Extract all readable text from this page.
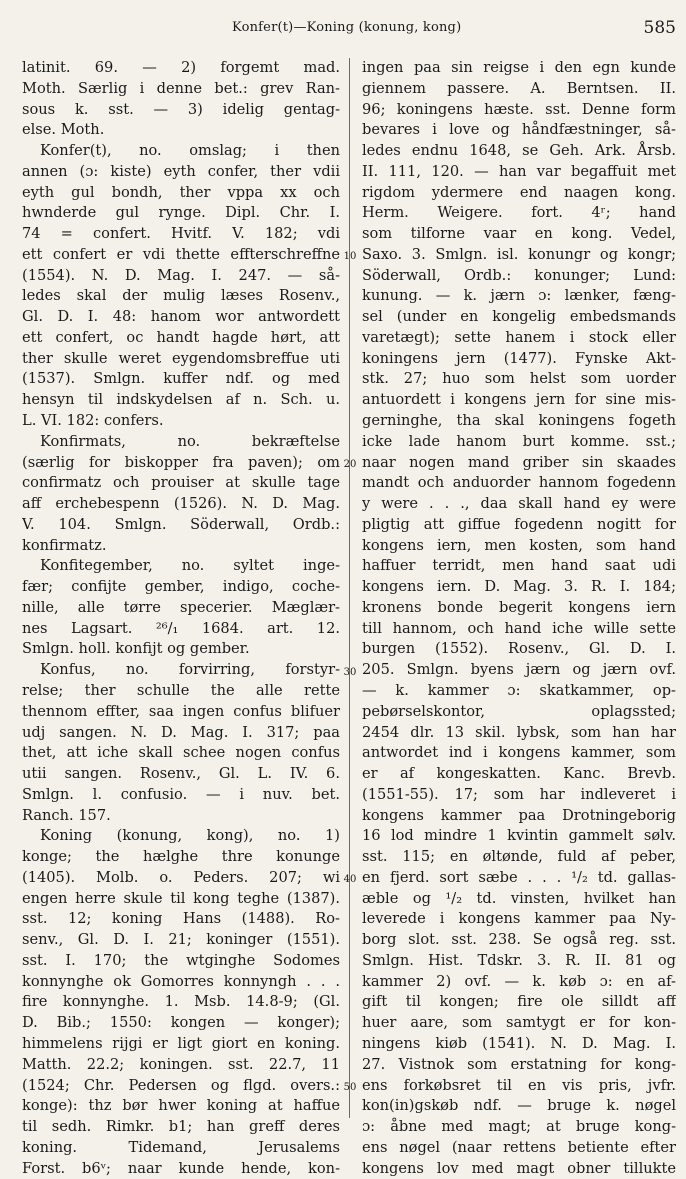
Konfer(t)—Koning (konung, kong)	585
latinit. 69. — 2) forgemt mad.
Moth. Særlig i denne bet.: grev Ran-
sous k. sst. — 3) idelig gentag-
else. Moth.
Konfer(t), no. omslag; i then
annen (ɔ: kiste) eyth confer, ther vdii
eyth gul bondh, ther vppa xx och
hwnderde gul rynge. Dipl. Chr. I.
74 = confert. Hvitf. V. 182; vdi
ett confert er vdi thette effterschreffne
(1554). N. D. Mag. I. 247. — så-
ledes skal der mulig læses Rosenv.,
Gl. D. I. 48: hanom wor antwordett
ett confert, oc handt hagde hørt, att
ther skulle weret eygendomsbreffue uti
(1537). Smlgn. kuffer ndf. og med
hensyn til indskydelsen af n. Sch. u.
L. VI. 182: confers.
Konfirmats, no. bekræftelse
(særlig for biskopper fra paven); om
confirmatz och prouiser at skulle tage
aff erchebespenn (1526). N. D. Mag.
V. 104. Smlgn. Söderwall, Ordb.:
konfirmatz.
Konfitegember, no. syltet inge-
fær; confijte gember, indigo, coche-
nille, alle tørre specerier. Mæglær-
nes Lagsart. ²⁶/₁ 1684. art. 12.
Smlgn. holl. konfijt og gember.
Konfus, no. forvirring, forstyr-
relse; ther schulle the alle rette
thennom effter, saa ingen confus blifuer
udj sangen. N. D. Mag. I. 317; paa
thet, att iche skall schee nogen confus
utii sangen. Rosenv., Gl. L. IV. 6.
Smlgn. l. confusio. — i nuv. bet.
Ranch. 157.
Koning (konung, kong), no. 1)
konge; the hælghe thre konunge
(1405). Molb. o. Peders. 207; wi
engen herre skule til kong teghe (1387).
sst. 12; koning Hans (1488). Ro-
senv., Gl. D. I. 21; koninger (1551).
sst. I. 170; the wtginghe Sodomes
konnynghe ok Gomorres konnyngh . . .
fire konnynghe. 1. Msb. 14.8-9; (Gl.
D. Bib.; 1550: kongen — konger);
himmelens rijgi er ligt giort en koning.
Matth. 22.2; koningen. sst. 22.7, 11
(1524; Chr. Pedersen og flgd. overs.:
konge): thz bør hwer koning at haffue
til sedh. Rimkr. b1; han greff deres
koning. Tidemand, Jerusalems
Forst. b6ᵛ; naar kunde hende, kon-
ingen paa sin reigse i den egn kunde
giennem passere. A. Berntsen. II.
96; koningens hæste. sst. Denne form
bevares i love og håndfæstninger, så-
ledes endnu 1648, se Geh. Ark. Årsb.
II. 111, 120. — han var begaffuit met
rigdom ydermere end naagen kong.
Herm. Weigere. fort. 4ʳ; hand
som tilforne vaar en kong. Vedel,
Saxo. 3. Smlgn. isl. konungr og kongr;
Söderwall, Ordb.: konunger; Lund:
kunung. — k. jærn ɔ: lænker, fæng-
sel (under en kongelig embedsmands
varetægt); sette hanem i stock eller
koningens jern (1477). Fynske Akt-
stk. 27; huo som helst som uorder
antuordett i kongens jern for sine mis-
gerninghe, tha skal koningens fogeth
icke lade hanom burt komme. sst.;
naar nogen mand griber sin skaades
mandt och anduorder hannom fogedenn
y were . . ., daa skall hand ey were
pligtig att giffue fogedenn nogitt for
kongens iern, men kosten, som hand
haffuer terridt, men hand saat udi
kongens iern. D. Mag. 3. R. I. 184;
kronens bonde begerit kongens iern
till hannom, och hand iche wille sette
burgen (1552). Rosenv., Gl. D. I.
205. Smlgn. byens jærn og jærn ovf.
— k. kammer ɔ: skatkammer, op-
pebørselskontor, oplagssted;
2454 dlr. 13 skil. lybsk, som han har
antwordet ind i kongens kammer, som
er af kongeskatten. Kanc. Brevb.
(1551-55). 17; som har indleveret i
kongens kammer paa Drotningeborig
16 lod mindre 1 kvintin gammelt sølv.
sst. 115; en øltønde, fuld af peber,
en fjerd. sort sæbe . . . ¹/₂ td. gallas-
æble og ¹/₂ td. vinsten, hvilket han
leverede i kongens kammer paa Ny-
borg slot. sst. 238. Se også reg. sst.
Smlgn. Hist. Tdskr. 3. R. II. 81 og
kammer 2) ovf. — k. køb ɔ: en af-
gift til kongen; fire ole silldt aff
huer aare, som samtygt er for kon-
ningens kiøb (1541). N. D. Mag. I.
27. Vistnok som erstatning for kong-
ens forkøbsret til en vis pris, jvfr.
kon(in)gskøb ndf. — bruge k. nøgel
ɔ: åbne med magt; at bruge kong-
ens nøgel (naar rettens betiente efter
kongens lov med magt obner tillukte
10
20
30
40
50
